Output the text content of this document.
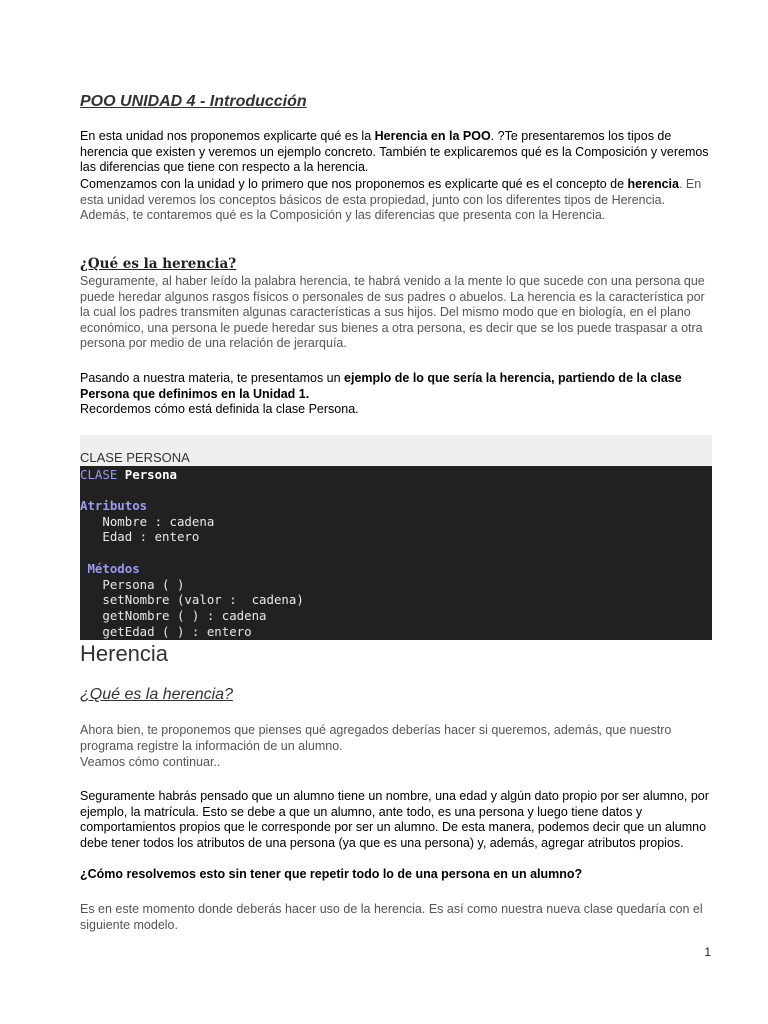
POO UNIDAD 4 - Introducción
En esta unidad nos proponemos explicarte qué es la Herencia en la POO. ?Te presentaremos los tipos de herencia que existen y veremos un ejemplo concreto. También te explicaremos qué es la Composición y veremos las diferencias que tiene con respecto a la herencia.
Comenzamos con la unidad y lo primero que nos proponemos es explicarte qué es el concepto de herencia. En esta unidad veremos los conceptos básicos de esta propiedad, junto con los diferentes tipos de Herencia. Además, te contaremos qué es la Composición y las diferencias que presenta con la Herencia.
¿Qué es la herencia?
Seguramente, al haber leído la palabra herencia, te habrá venido a la mente lo que sucede con una persona que puede heredar algunos rasgos físicos o personales de sus padres o abuelos. La herencia es la característica por la cual los padres transmiten algunas características a sus hijos. Del mismo modo que en biología, en el plano económico, una persona le puede heredar sus bienes a otra persona, es decir que se los puede traspasar a otra persona por medio de una relación de jerarquía.
Pasando a nuestra materia, te presentamos un ejemplo de lo que sería la herencia, partiendo de la clase Persona que definimos en la Unidad 1.
Recordemos cómo está definida la clase Persona.
CLASE PERSONA
CLASE Persona
Atributos
Nombre : cadena
Edad : entero
Métodos
Persona ( )
setNombre (valor :  cadena)
getNombre ( ) : cadena
getEdad ( ) : entero
Herencia
¿Qué es la herencia?
Ahora bien, te proponemos que pienses qué agregados deberías hacer si queremos, además, que nuestro programa registre la información de un alumno.
Veamos cómo continuar..
Seguramente habrás pensado que un alumno tiene un nombre, una edad y algún dato propio por ser alumno, por ejemplo, la matrícula. Esto se debe a que un alumno, ante todo, es una persona y luego tiene datos y comportamientos propios que le corresponde por ser un alumno. De esta manera, podemos decir que un alumno debe tener todos los atributos de una persona (ya que es una persona) y, además, agregar atributos propios.
¿Cómo resolvemos esto sin tener que repetir todo lo de una persona en un alumno?
Es en este momento donde deberás hacer uso de la herencia. Es así como nuestra nueva clase quedaría con el siguiente modelo.
1
